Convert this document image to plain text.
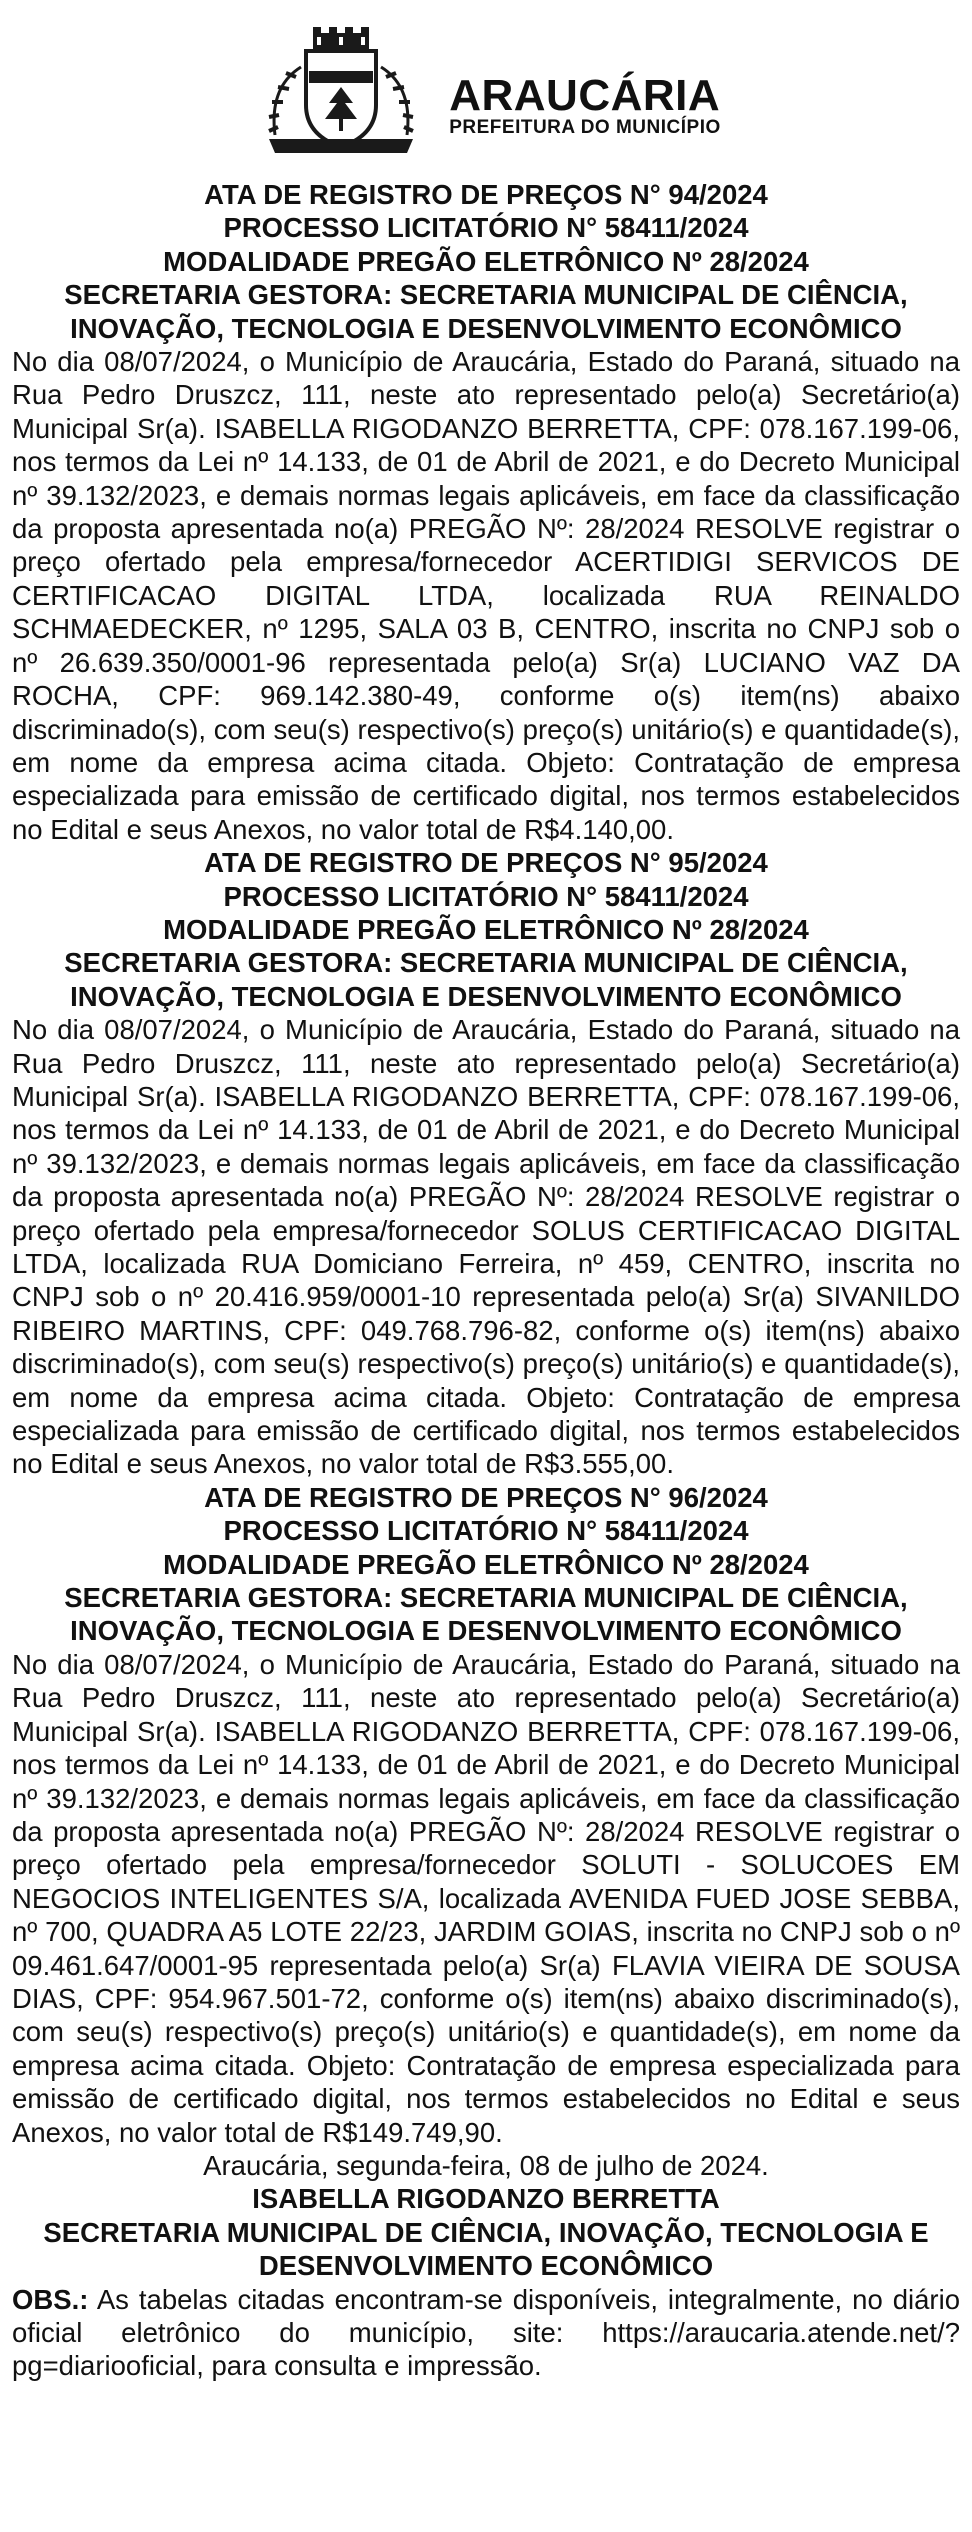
ARAUCÁRIA
PREFEITURA DO MUNICÍPIO
ATA DE REGISTRO DE PREÇOS N° 94/2024
PROCESSO LICITATÓRIO N° 58411/2024
MODALIDADE PREGÃO ELETRÔNICO Nº 28/2024
SECRETARIA GESTORA: SECRETARIA MUNICIPAL DE CIÊNCIA, INOVAÇÃO, TECNOLOGIA E DESENVOLVIMENTO ECONÔMICO
No dia 08/07/2024, o Município de Araucária, Estado do Paraná, situado na Rua Pedro Druszcz, 111, neste ato representado pelo(a) Secretário(a) Municipal Sr(a). ISABELLA RIGODANZO BERRETTA, CPF: 078.167.199-06, nos termos da Lei nº 14.133, de 01 de Abril de 2021, e do Decreto Municipal nº 39.132/2023, e demais normas legais aplicáveis, em face da classificação da proposta apresentada no(a) PREGÃO Nº: 28/2024 RESOLVE registrar o preço ofertado pela empresa/fornecedor ACERTIDIGI SERVICOS DE CERTIFICACAO DIGITAL LTDA, localizada RUA REINALDO SCHMAEDECKER, nº 1295, SALA 03 B, CENTRO, inscrita no CNPJ sob o nº 26.639.350/0001-96 representada pelo(a) Sr(a) LUCIANO VAZ DA ROCHA, CPF: 969.142.380-49, conforme o(s) item(ns) abaixo discriminado(s), com seu(s) respectivo(s) preço(s) unitário(s) e quantidade(s), em nome da empresa acima citada. Objeto: Contratação de empresa especializada para emissão de certificado digital, nos termos estabelecidos no Edital e seus Anexos, no valor total de R$4.140,00.
ATA DE REGISTRO DE PREÇOS N° 95/2024
PROCESSO LICITATÓRIO N° 58411/2024
MODALIDADE PREGÃO ELETRÔNICO Nº 28/2024
SECRETARIA GESTORA: SECRETARIA MUNICIPAL DE CIÊNCIA, INOVAÇÃO, TECNOLOGIA E DESENVOLVIMENTO ECONÔMICO
No dia 08/07/2024, o Município de Araucária, Estado do Paraná, situado na Rua Pedro Druszcz, 111, neste ato representado pelo(a) Secretário(a) Municipal Sr(a). ISABELLA RIGODANZO BERRETTA, CPF: 078.167.199-06, nos termos da Lei nº 14.133, de 01 de Abril de 2021, e do Decreto Municipal nº 39.132/2023, e demais normas legais aplicáveis, em face da classificação da proposta apresentada no(a) PREGÃO Nº: 28/2024 RESOLVE registrar o preço ofertado pela empresa/fornecedor SOLUS CERTIFICACAO DIGITAL LTDA, localizada RUA Domiciano Ferreira, nº 459, CENTRO, inscrita no CNPJ sob o nº 20.416.959/0001-10 representada pelo(a) Sr(a) SIVANILDO RIBEIRO MARTINS, CPF: 049.768.796-82, conforme o(s) item(ns) abaixo discriminado(s), com seu(s) respectivo(s) preço(s) unitário(s) e quantidade(s), em nome da empresa acima citada. Objeto: Contratação de empresa especializada para emissão de certificado digital, nos termos estabelecidos no Edital e seus Anexos, no valor total de R$3.555,00.
ATA DE REGISTRO DE PREÇOS N° 96/2024
PROCESSO LICITATÓRIO N° 58411/2024
MODALIDADE PREGÃO ELETRÔNICO Nº 28/2024
SECRETARIA GESTORA: SECRETARIA MUNICIPAL DE CIÊNCIA, INOVAÇÃO, TECNOLOGIA E DESENVOLVIMENTO ECONÔMICO
No dia 08/07/2024, o Município de Araucária, Estado do Paraná, situado na Rua Pedro Druszcz, 111, neste ato representado pelo(a) Secretário(a) Municipal Sr(a). ISABELLA RIGODANZO BERRETTA, CPF: 078.167.199-06, nos termos da Lei nº 14.133, de 01 de Abril de 2021, e do Decreto Municipal nº 39.132/2023, e demais normas legais aplicáveis, em face da classificação da proposta apresentada no(a) PREGÃO Nº: 28/2024 RESOLVE registrar o preço ofertado pela empresa/fornecedor SOLUTI - SOLUCOES EM NEGOCIOS INTELIGENTES S/A, localizada AVENIDA FUED JOSE SEBBA, nº 700, QUADRA A5 LOTE 22/23, JARDIM GOIAS, inscrita no CNPJ sob o nº 09.461.647/0001-95 representada pelo(a) Sr(a) FLAVIA VIEIRA DE SOUSA DIAS, CPF: 954.967.501-72, conforme o(s) item(ns) abaixo discriminado(s), com seu(s) respectivo(s) preço(s) unitário(s) e quantidade(s), em nome da empresa acima citada. Objeto: Contratação de empresa especializada para emissão de certificado digital, nos termos estabelecidos no Edital e seus Anexos, no valor total de R$149.749,90.
Araucária, segunda-feira, 08 de julho de 2024.
ISABELLA RIGODANZO BERRETTA
SECRETARIA MUNICIPAL DE CIÊNCIA, INOVAÇÃO, TECNOLOGIA E DESENVOLVIMENTO ECONÔMICO
OBS.: As tabelas citadas encontram-se disponíveis, integralmente, no diário oficial eletrônico do município, site: https://araucaria.atende.net/?pg=diariooficial, para consulta e impressão.
